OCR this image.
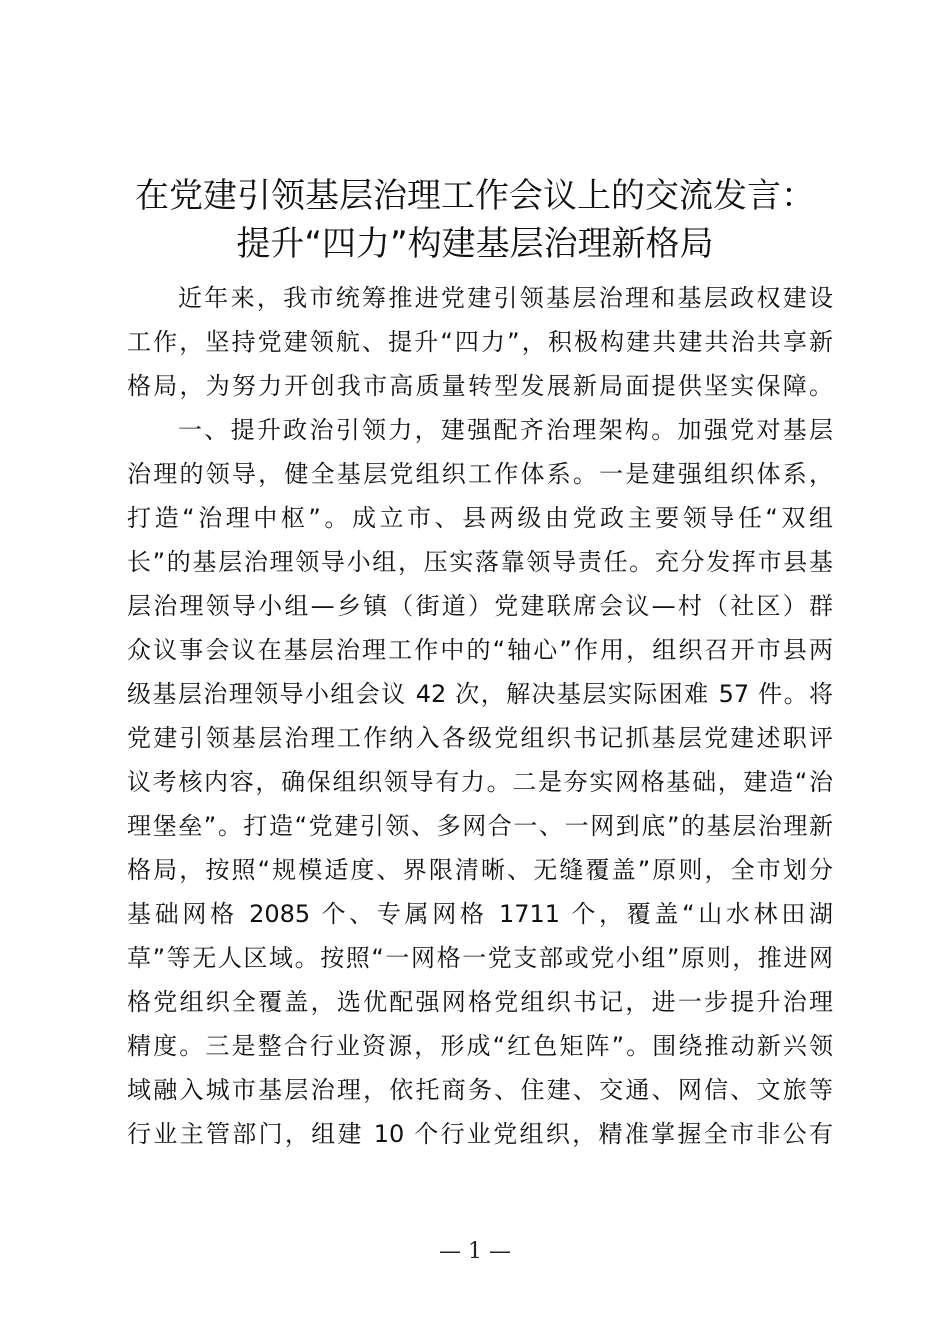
在党建引领基层治理工作会议上的交流发言：
提升“四力”构建基层治理新格局

近年来，我市统筹推进党建引领基层治理和基层政权建设

工作，坚持党建领航、提升“四力”，积极构建共建共治共享新

格局，为努力开创我市高质量转型发展新局面提供坚实保障。

一、提升政治引领力，建强配齐治理架构。加强党对基层

治理的领导，健全基层党组织工作体系。一是建强组织体系，

打造“治理中枢”。成立市、县两级由党政主要领导任“双组

长”的基层治理领导小组，压实落靠领导责任。充分发挥市县基

层治理领导小组—乡镇（街道）党建联席会议—村（社区）群

众议事会议在基层治理工作中的“轴心”作用，组织召开市县两

级基层治理领导小组会议 42 次，解决基层实际困难 57 件。将

党建引领基层治理工作纳入各级党组织书记抓基层党建述职评

议考核内容，确保组织领导有力。二是夯实网格基础，建造“治

理堡垒”。打造“党建引领、多网合一、一网到底”的基层治理新

格局，按照“规模适度、界限清晰、无缝覆盖”原则，全市划分

基础网格 2085 个、专属网格 1711 个，覆盖“山水林田湖

草”等无人区域。按照“一网格一党支部或党小组”原则，推进网

格党组织全覆盖，选优配强网格党组织书记，进一步提升治理

精度。三是整合行业资源，形成“红色矩阵”。围绕推动新兴领

域融入城市基层治理，依托商务、住建、交通、网信、文旅等

行业主管部门，组建 10 个行业党组织，精准掌握全市非公有

— 1 —
